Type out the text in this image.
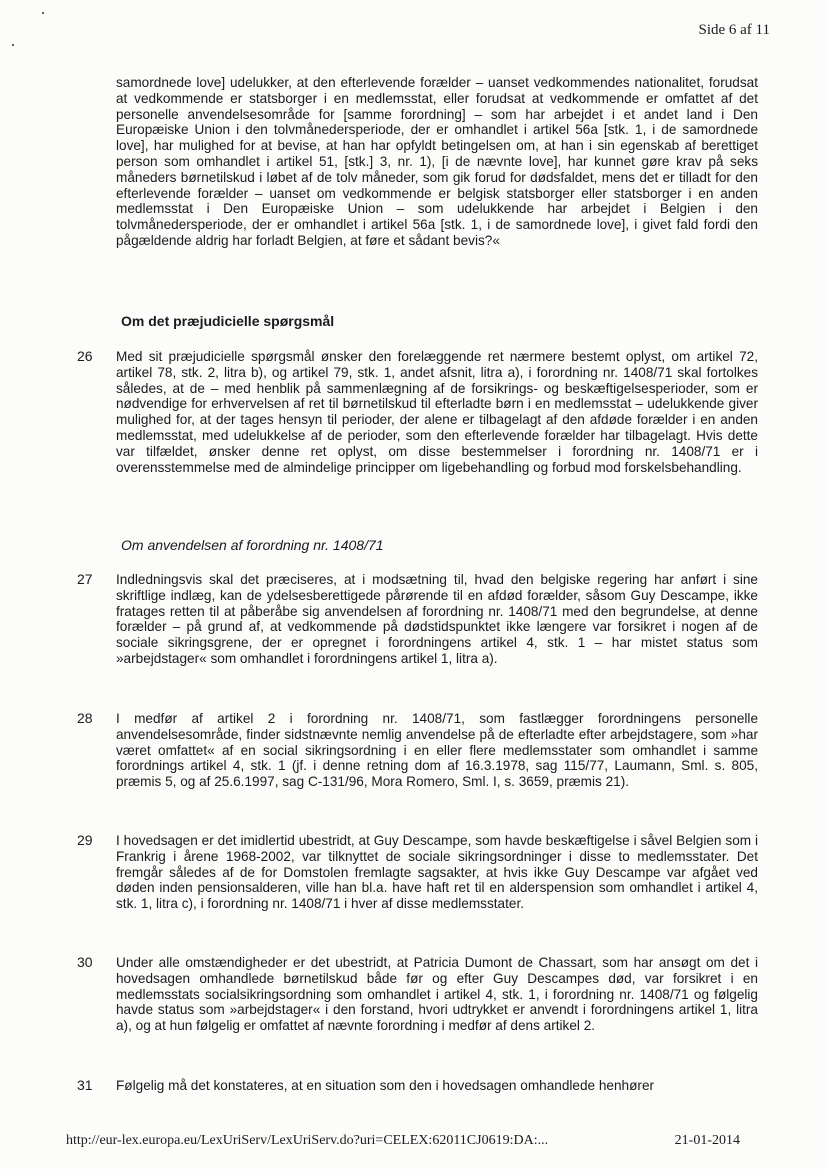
Side 6 af 11
samordnede love] udelukker, at den efterlevende forælder – uanset vedkommendes nationalitet, forudsat at vedkommende er statsborger i en medlemsstat, eller forudsat at vedkommende er omfattet af det personelle anvendelsesområde for [samme forordning] – som har arbejdet i et andet land i Den Europæiske Union i den tolvmånedersperiode, der er omhandlet i artikel 56a [stk. 1, i de samordnede love], har mulighed for at bevise, at han har opfyldt betingelsen om, at han i sin egenskab af berettiget person som omhandlet i artikel 51, [stk.] 3, nr. 1), [i de nævnte love], har kunnet gøre krav på seks måneders børnetilskud i løbet af de tolv måneder, som gik forud for dødsfaldet, mens det er tilladt for den efterlevende forælder – uanset om vedkommende er belgisk statsborger eller statsborger i en anden medlemsstat i Den Europæiske Union – som udelukkende har arbejdet i Belgien i den tolvmånedersperiode, der er omhandlet i artikel 56a [stk. 1, i de samordnede love], i givet fald fordi den pågældende aldrig har forladt Belgien, at føre et sådant bevis?«
Om det præjudicielle spørgsmål
26 Med sit præjudicielle spørgsmål ønsker den forelæggende ret nærmere bestemt oplyst, om artikel 72, artikel 78, stk. 2, litra b), og artikel 79, stk. 1, andet afsnit, litra a), i forordning nr. 1408/71 skal fortolkes således, at de – med henblik på sammenlægning af de forsikrings- og beskæftigelsesperioder, som er nødvendige for erhvervelsen af ret til børnetilskud til efterladte børn i en medlemsstat – udelukkende giver mulighed for, at der tages hensyn til perioder, der alene er tilbagelagt af den afdøde forælder i en anden medlemsstat, med udelukkelse af de perioder, som den efterlevende forælder har tilbagelagt. Hvis dette var tilfældet, ønsker denne ret oplyst, om disse bestemmelser i forordning nr. 1408/71 er i overensstemmelse med de almindelige principper om ligebehandling og forbud mod forskelsbehandling.
Om anvendelsen af forordning nr. 1408/71
27 Indledningsvis skal det præciseres, at i modsætning til, hvad den belgiske regering har anført i sine skriftlige indlæg, kan de ydelsesberettigede pårørende til en afdød forælder, såsom Guy Descampe, ikke fratages retten til at påberåbe sig anvendelsen af forordning nr. 1408/71 med den begrundelse, at denne forælder – på grund af, at vedkommende på dødstidspunktet ikke længere var forsikret i nogen af de sociale sikringsgrene, der er opregnet i forordningens artikel 4, stk. 1 – har mistet status som »arbejdstager« som omhandlet i forordningens artikel 1, litra a).
28 I medfør af artikel 2 i forordning nr. 1408/71, som fastlægger forordningens personelle anvendelsesområde, finder sidstnævnte nemlig anvendelse på de efterladte efter arbejdstagere, som »har været omfattet« af en social sikringsordning i en eller flere medlemsstater som omhandlet i samme forordnings artikel 4, stk. 1 (jf. i denne retning dom af 16.3.1978, sag 115/77, Laumann, Sml. s. 805, præmis 5, og af 25.6.1997, sag C-131/96, Mora Romero, Sml. I, s. 3659, præmis 21).
29 I hovedsagen er det imidlertid ubestridt, at Guy Descampe, som havde beskæftigelse i såvel Belgien som i Frankrig i årene 1968-2002, var tilknyttet de sociale sikringsordninger i disse to medlemsstater. Det fremgår således af de for Domstolen fremlagte sagsakter, at hvis ikke Guy Descampe var afgået ved døden inden pensionsalderen, ville han bl.a. have haft ret til en alderspension som omhandlet i artikel 4, stk. 1, litra c), i forordning nr. 1408/71 i hver af disse medlemsstater.
30 Under alle omstændigheder er det ubestridt, at Patricia Dumont de Chassart, som har ansøgt om det i hovedsagen omhandlede børnetilskud både før og efter Guy Descampes død, var forsikret i en medlemsstats socialsikringsordning som omhandlet i artikel 4, stk. 1, i forordning nr. 1408/71 og følgelig havde status som »arbejdstager« i den forstand, hvori udtrykket er anvendt i forordningens artikel 1, litra a), og at hun følgelig er omfattet af nævnte forordning i medfør af dens artikel 2.
31 Følgelig må det konstateres, at en situation som den i hovedsagen omhandlede henhører
http://eur-lex.europa.eu/LexUriServ/LexUriServ.do?uri=CELEX:62011CJ0619:DA:...	21-01-2014
